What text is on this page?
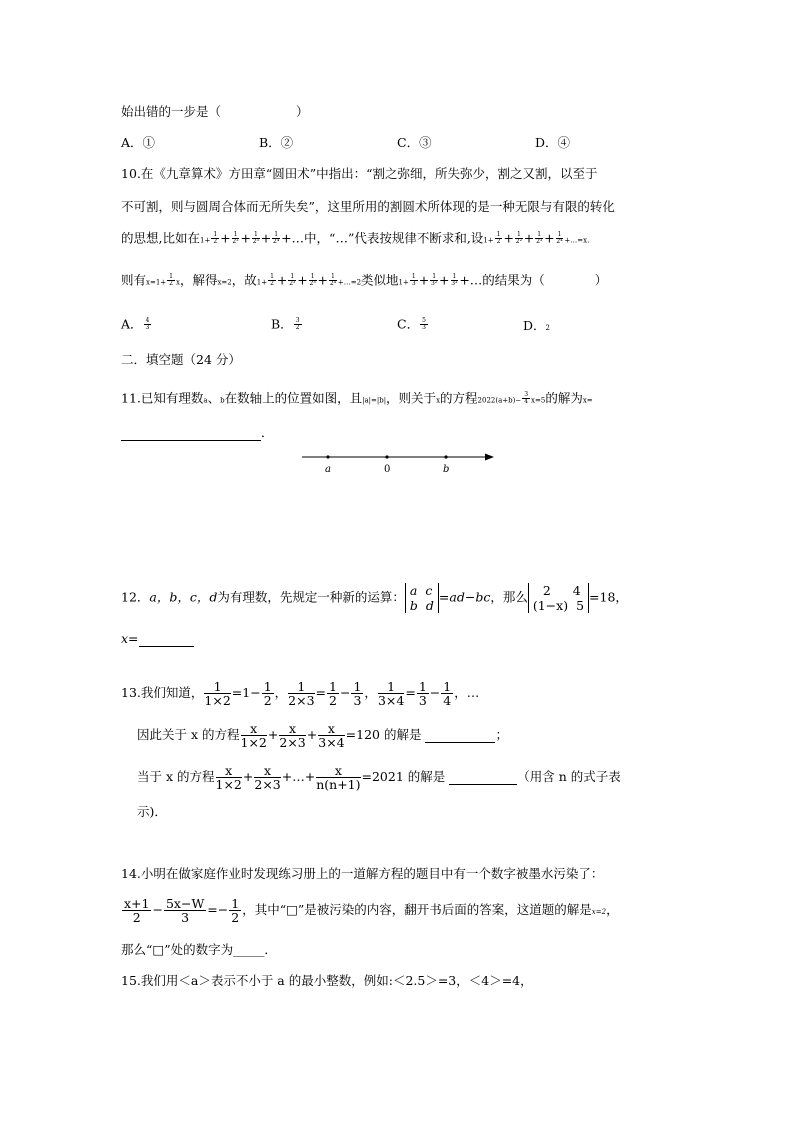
始出错的一步是（　　　　　　）
A．①	B．②	C．③	D．④
10.在《九章算术》方田章“圆田术”中指出：“割之弥细，所失弥少，割之又割，以至于
不可割，则与圆周合体而无所失矣”，这里所用的割圆术所体现的是一种无限与有限的转化
的思想,比如在$1+ \frac{1}{2} + \frac{1}{\text{2²}} + \frac{1}{\text{2³}} + \frac{1}{\text{2⁴}}$ +…中，“…”代表按规律不断求和,设$1+ \frac{1}{2} + \frac{1}{\text{2²}} + \frac{1}{\text{2³}} + \frac{1}{\text{2⁴}}$ +…=x.
则有$x=1+ \frac{1}{2}$ x，解得x=2，故$1+ \frac{1}{2} + \frac{1}{\text{2²}} + \frac{1}{\text{2³}} + \frac{1}{\text{2⁴}}$ +…=2类似地$1+ \frac{1}{3} + \frac{1}{\text{3²}} + \frac{1}{\text{3³}}$ +…的结果为（　　　　）
A． $\frac{4}{3}$	B． $\frac{3}{2}$	C． $\frac{5}{3}$	D．2
二．填空题（24 分）
11.已知有理数a、b在数轴上的位置如图，且|a|=|b|，则关于x的方程$2022(a+b)- \frac{3}{4} x=5$的解为x=
．
a	0	b
12．a，b，c，d为有理数，先规定一种新的运算： a c
b d
=ad−bc，那么 2 4
(1−x) 5
=18，
x=
13.我们知道， $\frac{1}{1\times 2} =1- \frac{1}{2}$ ， $\frac{1}{2\times 3} = \frac{1}{2} - \frac{1}{3}$ ， $\frac{1}{3\times 4} = \frac{1}{3} - \frac{1}{4}$ ，…
因此关于 x 的方程 $\frac{x}{1\times 2} + \frac{x}{2\times 3} + \frac{x}{3\times 4} =120$ 的解是	；
当于 x 的方程 $\frac{x}{1\times 2} + \frac{x}{2\times 3}$ +…+ $\frac{x}{n(n+1)} =2021$ 的解是	（用含 n 的式子表
示)．
14.小明在做家庭作业时发现练习册上的一道解方程的题目中有一个数字被墨水污染了：
$\frac{x+1}{2} - \frac{5x-W}{3} =- \frac{1}{2}$ ，其中“□”是被污染的内容，翻开书后面的答案，这道题的解是x=2，
那么“□”处的数字为_____．
15.我们用＜a＞表示不小于 a 的最小整数，例如:＜2.5＞=3，＜4＞=4，
